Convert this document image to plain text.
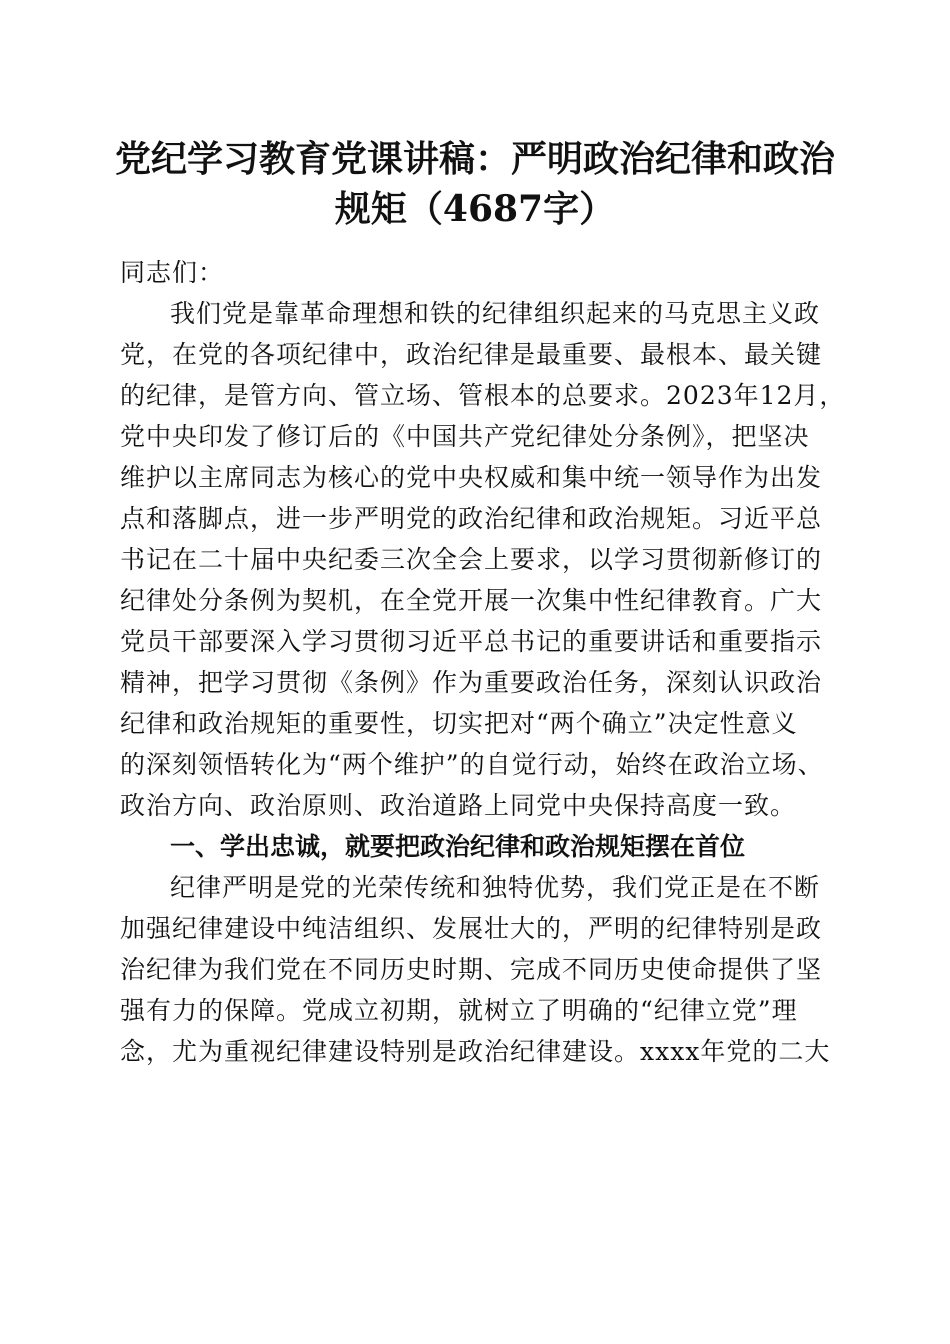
党纪学习教育党课讲稿：严明政治纪律和政治
规矩（4687字）
同志们：
我们党是靠革命理想和铁的纪律组织起来的马克思主义政
党，在党的各项纪律中，政治纪律是最重要、最根本、最关键
的纪律，是管方向、管立场、管根本的总要求。2023年12月，
党中央印发了修订后的《中国共产党纪律处分条例》，把坚决
维护以主席同志为核心的党中央权威和集中统一领导作为出发
点和落脚点，进一步严明党的政治纪律和政治规矩。习近平总
书记在二十届中央纪委三次全会上要求，以学习贯彻新修订的
纪律处分条例为契机，在全党开展一次集中性纪律教育。广大
党员干部要深入学习贯彻习近平总书记的重要讲话和重要指示
精神，把学习贯彻《条例》作为重要政治任务，深刻认识政治
纪律和政治规矩的重要性，切实把对“两个确立”决定性意义
的深刻领悟转化为“两个维护”的自觉行动，始终在政治立场、
政治方向、政治原则、政治道路上同党中央保持高度一致。
一、学出忠诚，就要把政治纪律和政治规矩摆在首位
纪律严明是党的光荣传统和独特优势，我们党正是在不断
加强纪律建设中纯洁组织、发展壮大的，严明的纪律特别是政
治纪律为我们党在不同历史时期、完成不同历史使命提供了坚
强有力的保障。党成立初期，就树立了明确的“纪律立党”理
念，尤为重视纪律建设特别是政治纪律建设。xxxx年党的二大
